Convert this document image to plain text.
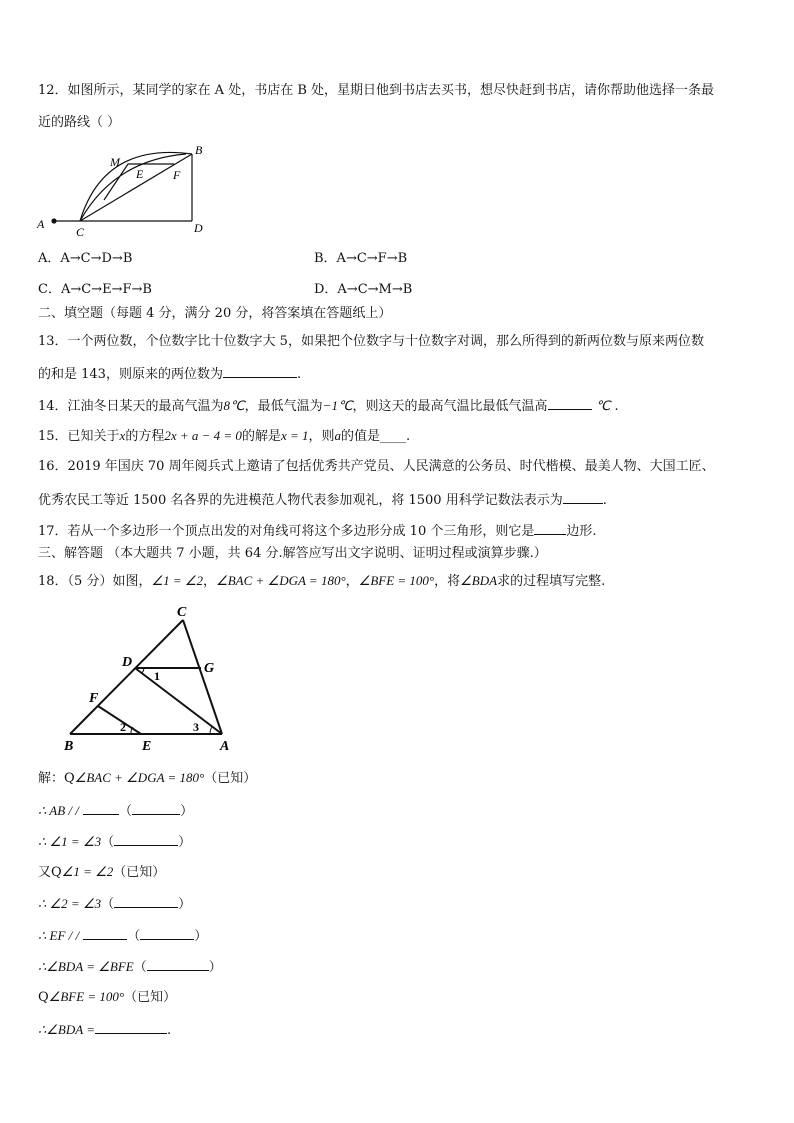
12．如图所示，某同学的家在 A 处，书店在 B 处，星期日他到书店去买书，想尽快赶到书店，请你帮助他选择一条最
近的路线（ ）
A
B
C	D
M
E F
A．A→C→D→B	B．A→C→F→B
C．A→C→E→F→B	D．A→C→M→B
二、填空题（每题 4 分，满分 20 分，将答案填在答题纸上）
13．一个两位数，个位数字比十位数字大 5，如果把个位数字与十位数字对调，那么所得到的新两位数与原来两位数
的和是 143，则原来的两位数为	.
14．江油冬日某天的最高气温为8℃，最低气温为−1℃，则这天的最高气温比最低气温高	℃ .
15．已知关于x的方程2x + a − 4 = 0的解是x = 1，则a的值是____.
16．2019 年国庆 70 周年阅兵式上邀请了包括优秀共产党员、人民满意的公务员、时代楷模、最美人物、大国工匠、
优秀农民工等近 1500 名各界的先进模范人物代表参加观礼，将 1500 用科学记数法表示为	.
17．若从一个多边形一个顶点出发的对角线可将这个多边形分成 10 个三角形，则它是 边形.
三、解答题 （本大题共 7 小题，共 64 分.解答应写出文字说明、证明过程或演算步骤.）
18．（5 分）如图，∠1 = ∠2，∠BAC + ∠DGA = 180°，∠BFE = 100°，将∠BDA求的过程填写完整.
C
D	G
F
B	E	A
1
2	3
解：Q∠BAC + ∠DGA = 180°（已知）
∴ AB / /	（	）
∴ ∠1 = ∠3（	）
又Q∠1 = ∠2（已知）
∴ ∠2 = ∠3（	）
∴ EF / /	（	）
∴∠BDA = ∠BFE（	）
Q∠BFE = 100°（已知）
∴∠BDA =	.
